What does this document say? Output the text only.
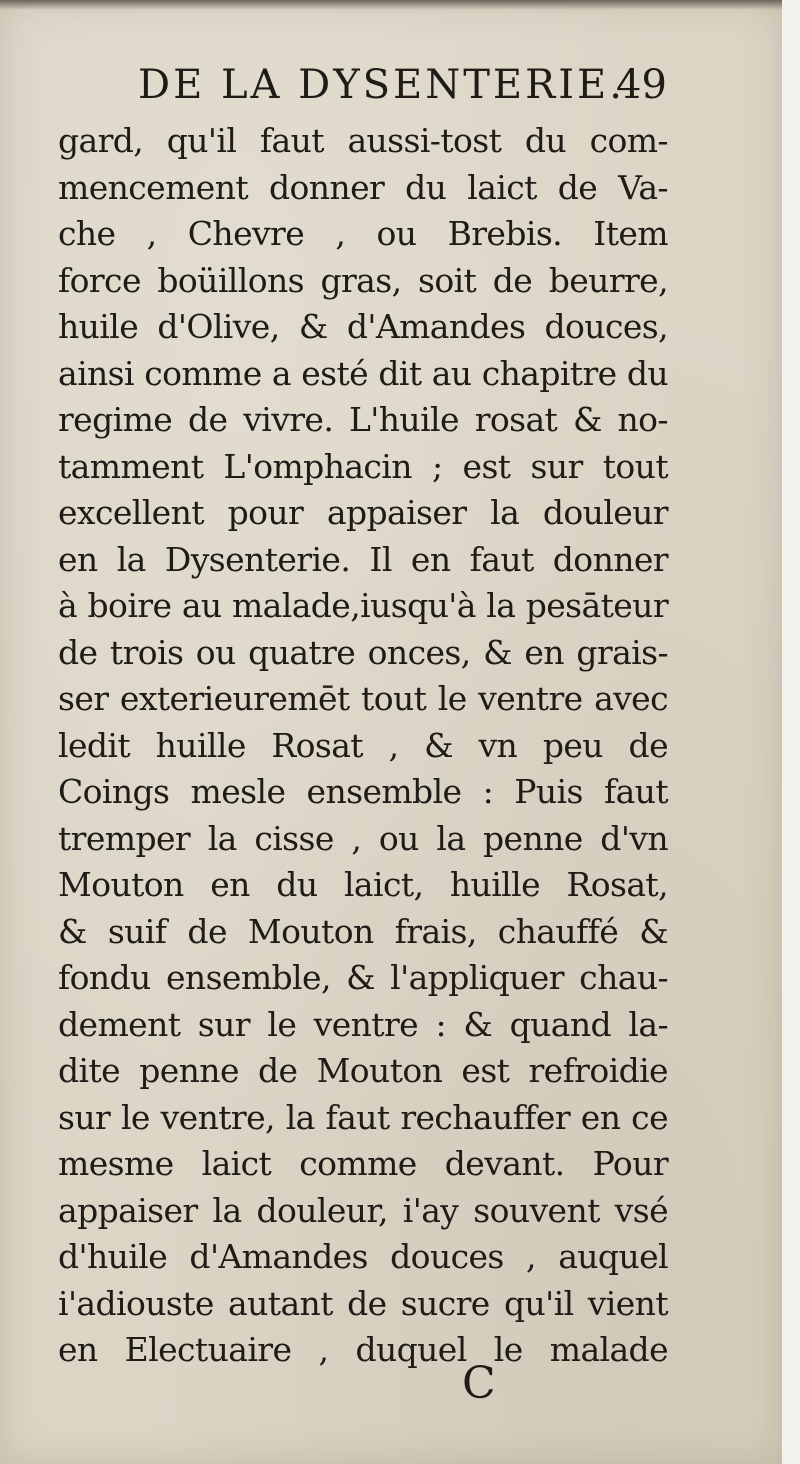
DE LA DYSENTERIE.
49
gard, qu'il faut aussi-tost du com-
mencement donner du laict de Va-
che , Chevre , ou Brebis. Item
force boüillons gras, soit de beurre,
huile d'Olive, & d'Amandes douces,
ainsi comme a esté dit au chapitre du
regime de vivre. L'huile rosat & no-
tamment L'omphacin ; est sur tout
excellent pour appaiser la douleur
en la Dysenterie. Il en faut donner
à boire au malade,iusqu'à la pesāteur
de trois ou quatre onces, & en grais-
ser exterieuremēt tout le ventre avec
ledit huille Rosat , & vn peu de
Coings mesle ensemble : Puis faut
tremper la cisse , ou la penne d'vn
Mouton en du laict, huille Rosat,
& suif de Mouton frais, chauffé &
fondu ensemble, & l'appliquer chau-
dement sur le ventre : & quand la-
dite penne de Mouton est refroidie
sur le ventre, la faut rechauffer en ce
mesme laict comme devant. Pour
appaiser la douleur, i'ay souvent vsé
d'huile d'Amandes douces , auquel
i'adiouste autant de sucre qu'il vient
en Electuaire , duquel le malade
C
